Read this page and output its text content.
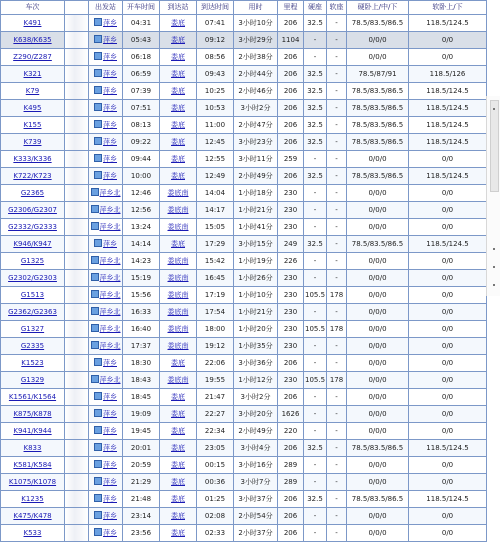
车次		出发站	开车时间	到达站	到达时间	用时	里程	硬座	软座	硬卧上/中/下	软卧上/下
K491		萍乡	04:31	娄底	07:41	3小时10分	206	32.5	-	78.5/83.5/86.5	118.5/124.5
K638/K635		萍乡	05:43	娄底	09:12	3小时29分	1104	-	-	0/0/0	0/0
Z290/Z287		萍乡	06:18	娄底	08:56	2小时38分	206	-	-	0/0/0	0/0
K321		萍乡	06:59	娄底	09:43	2小时44分	206	32.5	-	78.5/87/91	118.5/126
K79		萍乡	07:39	娄底	10:25	2小时46分	206	32.5	-	78.5/83.5/86.5	118.5/124.5
K495		萍乡	07:51	娄底	10:53	3小时2分	206	32.5	-	78.5/83.5/86.5	118.5/124.5
K155		萍乡	08:13	娄底	11:00	2小时47分	206	32.5	-	78.5/83.5/86.5	118.5/124.5
K739		萍乡	09:22	娄底	12:45	3小时23分	206	32.5	-	78.5/83.5/86.5	118.5/124.5
K333/K336		萍乡	09:44	娄底	12:55	3小时11分	259	-	-	0/0/0	0/0
K722/K723		萍乡	10:00	娄底	12:49	2小时49分	206	32.5	-	78.5/83.5/86.5	118.5/124.5
G2365		萍乡北	12:46	娄底南	14:04	1小时18分	230	-	-	0/0/0	0/0
G2306/G2307		萍乡北	12:56	娄底南	14:17	1小时21分	230	-	-	0/0/0	0/0
G2332/G2333		萍乡北	13:24	娄底南	15:05	1小时41分	230	-	-	0/0/0	0/0
K946/K947		萍乡	14:14	娄底	17:29	3小时15分	249	32.5	-	78.5/83.5/86.5	118.5/124.5
G1325		萍乡北	14:23	娄底南	15:42	1小时19分	226	-	-	0/0/0	0/0
G2302/G2303		萍乡北	15:19	娄底南	16:45	1小时26分	230	-	-	0/0/0	0/0
G1513		萍乡北	15:56	娄底南	17:19	1小时10分	230	105.5	178	0/0/0	0/0
G2362/G2363		萍乡北	16:33	娄底南	17:54	1小时21分	230	-	-	0/0/0	0/0
G1327		萍乡北	16:40	娄底南	18:00	1小时20分	230	105.5	178	0/0/0	0/0
G2335		萍乡北	17:37	娄底南	19:12	1小时35分	230	-	-	0/0/0	0/0
K1523		萍乡	18:30	娄底	22:06	3小时36分	206	-	-	0/0/0	0/0
G1329		萍乡北	18:43	娄底南	19:55	1小时12分	230	105.5	178	0/0/0	0/0
K1561/K1564		萍乡	18:45	娄底	21:47	3小时2分	206	-	-	0/0/0	0/0
K875/K878		萍乡	19:09	娄底	22:27	3小时20分	1626	-	-	0/0/0	0/0
K941/K944		萍乡	19:45	娄底	22:34	2小时49分	220	-	-	0/0/0	0/0
K833		萍乡	20:01	娄底	23:05	3小时4分	206	32.5	-	78.5/83.5/86.5	118.5/124.5
K581/K584		萍乡	20:59	娄底	00:15	3小时16分	289	-	-	0/0/0	0/0
K1075/K1078		萍乡	21:29	娄底	00:36	3小时7分	289	-	-	0/0/0	0/0
K1235		萍乡	21:48	娄底	01:25	3小时37分	206	32.5	-	78.5/83.5/86.5	118.5/124.5
K475/K478		萍乡	23:14	娄底	02:08	2小时54分	206	-	-	0/0/0	0/0
K533		萍乡	23:56	娄底	02:33	2小时37分	206	-	-	0/0/0	0/0
